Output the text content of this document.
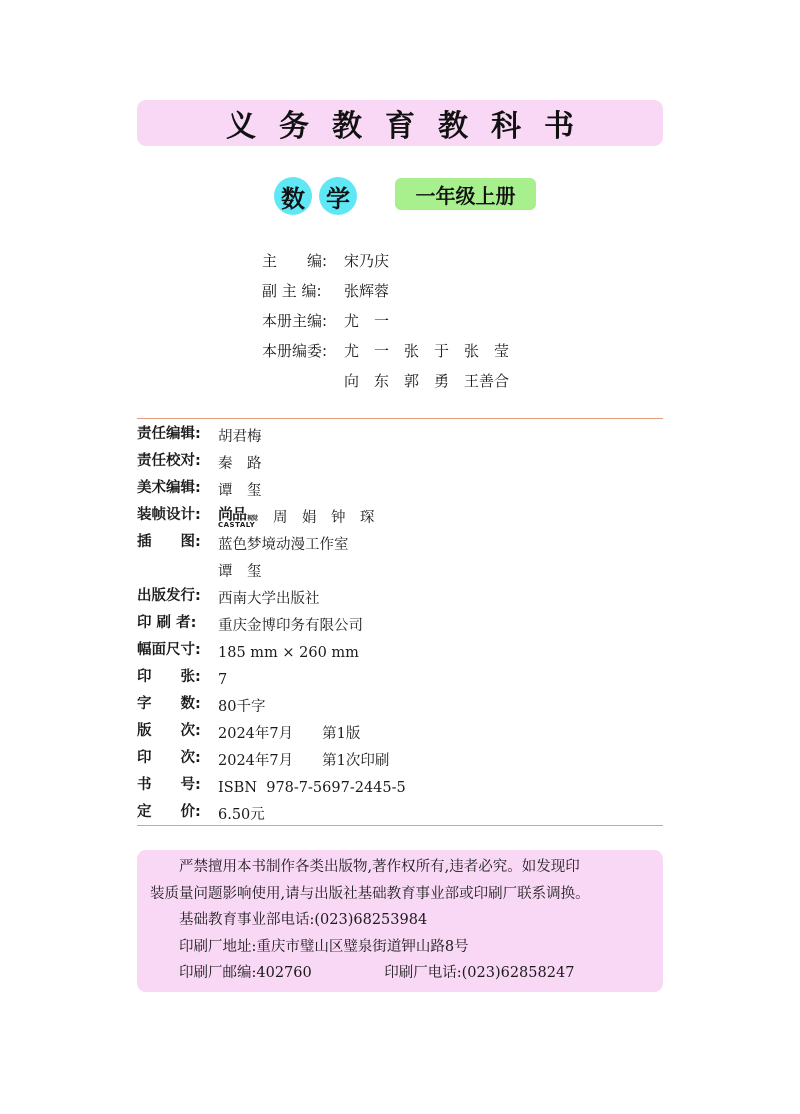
义务教育教科书
数 学	一年级上册
主　　编:	宋乃庆
副 主 编:	张辉蓉
本册主编:	尤　一
本册编委:	尤　一　张　于　张　莹
向　东　郭　勇　王善合
责任编辑:	胡君梅
责任校对:	秦　路
美术编辑:	谭　玺
装帧设计:	尚品 视觉
CASTALY 周　娟　钟　琛
插　　图:	蓝色梦境动漫工作室
谭　玺
出版发行:	西南大学出版社
印 刷 者:	重庆金博印务有限公司
幅面尺寸:	185 mm × 260 mm
印　　张:	7
字　　数:	80千字
版　　次:	2024年7月　　第1版
印　　次:	2024年7月　　第1次印刷
书　　号:	ISBN  978-7-5697-2445-5
定　　价:	6.50元

　　严禁擅用本书制作各类出版物,著作权所有,违者必究。如发现印

装质量问题影响使用,请与出版社基础教育事业部或印刷厂联系调换。

　　基础教育事业部电话:(023)68253984

　　印刷厂地址:重庆市璧山区璧泉街道钾山路8号

　　印刷厂邮编:402760　　　　　印刷厂电话:(023)62858247
